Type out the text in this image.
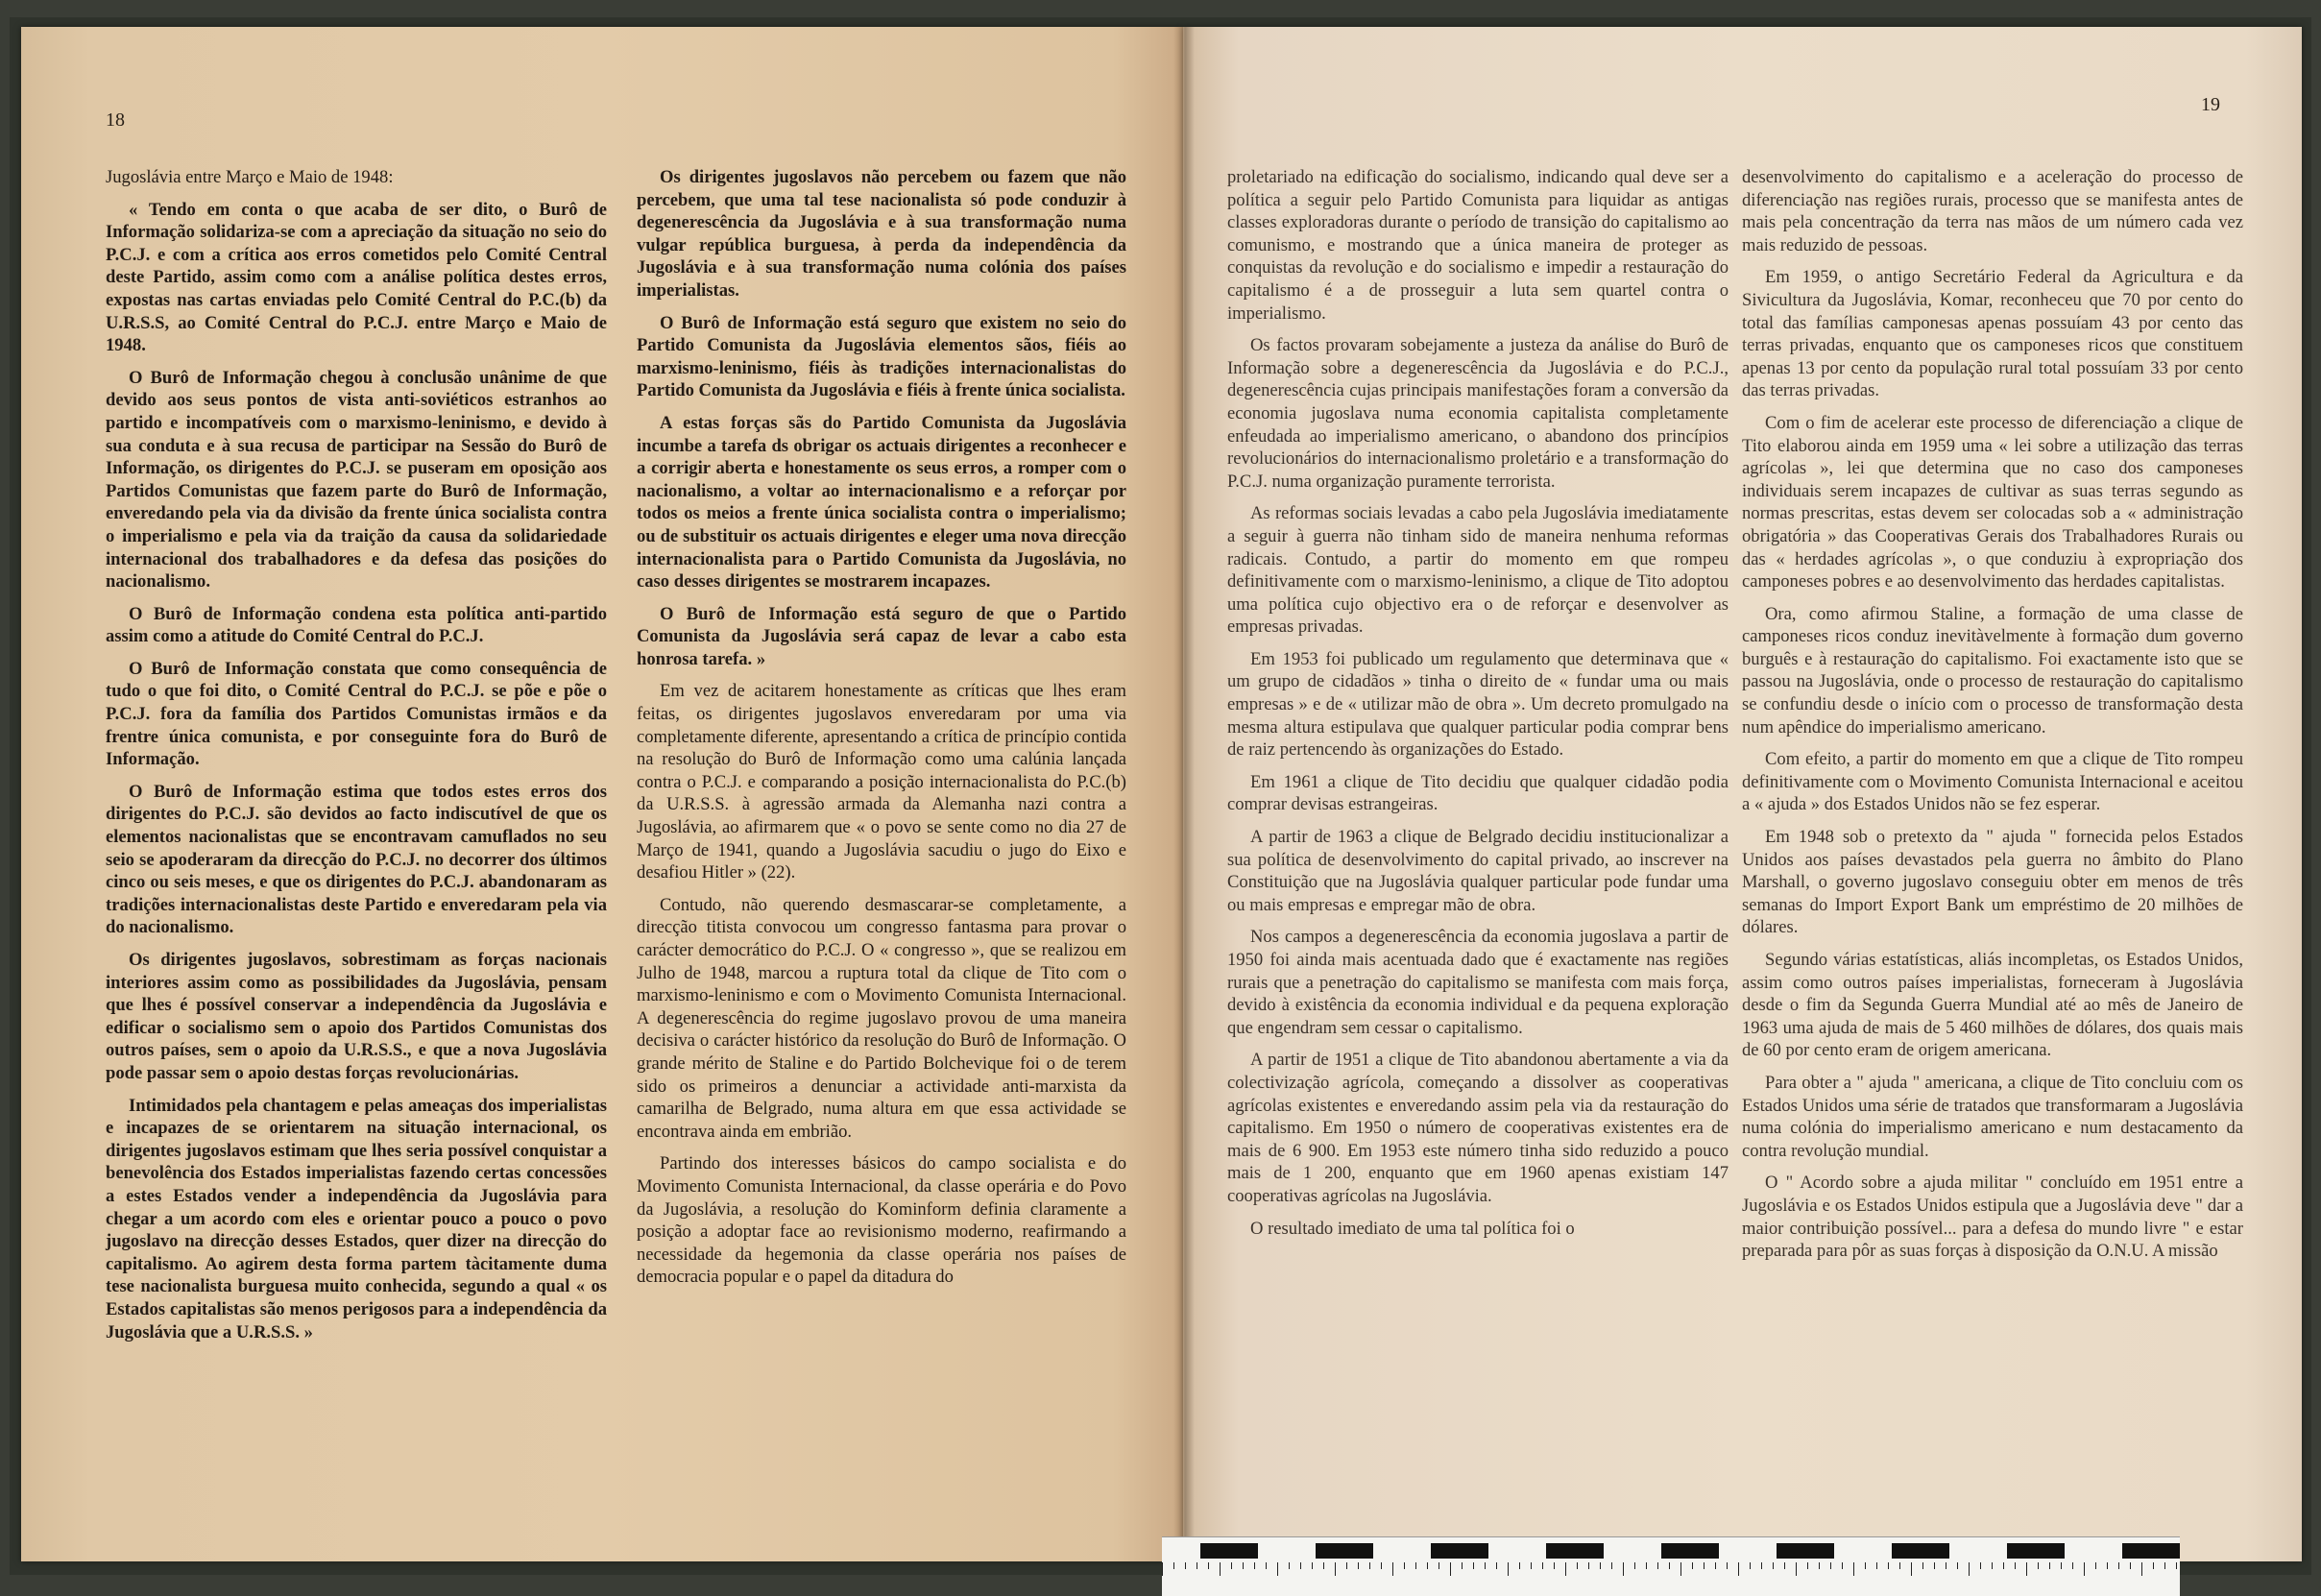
18

Jugoslávia entre Março e Maio de 1948:

« Tendo em conta o que acaba de ser dito, o Burô de Informação solidariza-se com a apreciação da situação no seio do P.C.J. e com a crítica aos erros cometidos pelo Comité Central deste Partido, assim como com a análise política destes erros, expostas nas cartas enviadas pelo Comité Central do P.C.(b) da U.R.S.S, ao Comité Central do P.C.J. entre Março e Maio de 1948.

O Burô de Informação chegou à conclusão unânime de que devido aos seus pontos de vista anti-soviéticos estranhos ao partido e incompatíveis com o marxismo-leninismo, e devido à sua conduta e à sua recusa de participar na Sessão do Burô de Informação, os dirigentes do P.C.J. se puseram em oposição aos Partidos Comunistas que fazem parte do Burô de Informação, enveredando pela via da divisão da frente única socialista contra o imperialismo e pela via da traição da causa da solidariedade internacional dos trabalhadores e da defesa das posições do nacionalismo.

O Burô de Informação condena esta política anti-partido assim como a atitude do Comité Central do P.C.J.

O Burô de Informação constata que como consequência de tudo o que foi dito, o Comité Central do P.C.J. se põe e põe o P.C.J. fora da família dos Partidos Comunistas irmãos e da frentre única comunista, e por conseguinte fora do Burô de Informação.

O Burô de Informação estima que todos estes erros dos dirigentes do P.C.J. são devidos ao facto indiscutível de que os elementos nacionalistas que se encontravam camuflados no seu seio se apoderaram da direcção do P.C.J. no decorrer dos últimos cinco ou seis meses, e que os dirigentes do P.C.J. abandonaram as tradições internacionalistas deste Partido e enveredaram pela via do nacionalismo.

Os dirigentes jugoslavos, sobrestimam as forças nacionais interiores assim como as possibilidades da Jugoslávia, pensam que lhes é possível conservar a independência da Jugoslávia e edificar o socialismo sem o apoio dos Partidos Comunistas dos outros países, sem o apoio da U.R.S.S., e que a nova Jugoslávia pode passar sem o apoio destas forças revolucionárias.

Intimidados pela chantagem e pelas ameaças dos imperialistas e incapazes de se orientarem na situação internacional, os dirigentes jugoslavos estimam que lhes seria possível conquistar a benevolência dos Estados imperialistas fazendo certas concessões a estes Estados vender a independência da Jugoslávia para chegar a um acordo com eles e orientar pouco a pouco o povo jugoslavo na direcção desses Estados, quer dizer na direcção do capitalismo. Ao agirem desta forma partem tàcitamente duma tese nacionalista burguesa muito conhecida, segundo a qual « os Estados capitalistas são menos perigosos para a independência da Jugoslávia que a U.R.S.S. »

Os dirigentes jugoslavos não percebem ou fazem que não percebem, que uma tal tese nacionalista só pode conduzir à degenerescência da Jugoslávia e à sua transformação numa vulgar república burguesa, à perda da independência da Jugoslávia e à sua transformação numa colónia dos países imperialistas.

O Burô de Informação está seguro que existem no seio do Partido Comunista da Jugoslávia elementos sãos, fiéis ao marxismo-leninismo, fiéis às tradições internacionalistas do Partido Comunista da Jugoslávia e fiéis à frente única socialista.

A estas forças sãs do Partido Comunista da Jugoslávia incumbe a tarefa ds obrigar os actuais dirigentes a reconhecer e a corrigir aberta e honestamente os seus erros, a romper com o nacionalismo, a voltar ao internacionalismo e a reforçar por todos os meios a frente única socialista contra o imperialismo; ou de substituir os actuais dirigentes e eleger uma nova direcção internacionalista para o Partido Comunista da Jugoslávia, no caso desses dirigentes se mostrarem incapazes.

O Burô de Informação está seguro de que o Partido Comunista da Jugoslávia será capaz de levar a cabo esta honrosa tarefa. »

Em vez de acitarem honestamente as críticas que lhes eram feitas, os dirigentes jugoslavos enveredaram por uma via completamente diferente, apresentando a crítica de princípio contida na resolução do Burô de Informação como uma calúnia lançada contra o P.C.J. e comparando a posição internacionalista do P.C.(b) da U.R.S.S. à agressão armada da Alemanha nazi contra a Jugoslávia, ao afirmarem que « o povo se sente como no dia 27 de Março de 1941, quando a Jugoslávia sacudiu o jugo do Eixo e desafiou Hitler » (22).

Contudo, não querendo desmascarar-se completamente, a direcção titista convocou um congresso fantasma para provar o carácter democrático do P.C.J. O « congresso », que se realizou em Julho de 1948, marcou a ruptura total da clique de Tito com o marxismo-leninismo e com o Movimento Comunista Internacional. A degenerescência do regime jugoslavo provou de uma maneira decisiva o carácter histórico da resolução do Burô de Informação. O grande mérito de Staline e do Partido Bolchevique foi o de terem sido os primeiros a denunciar a actividade anti-marxista da camarilha de Belgrado, numa altura em que essa actividade se encontrava ainda em embrião.

Partindo dos interesses básicos do campo socialista e do Movimento Comunista Internacional, da classe operária e do Povo da Jugoslávia, a resolução do Kominform definia claramente a posição a adoptar face ao revisionismo moderno, reafirmando a necessidade da hegemonia da classe operária nos países de democracia popular e o papel da ditadura do

19

proletariado na edificação do socialismo, indicando qual deve ser a política a seguir pelo Partido Comunista para liquidar as antigas classes exploradoras durante o período de transição do capitalismo ao comunismo, e mostrando que a única maneira de proteger as conquistas da revolução e do socialismo e impedir a restauração do capitalismo é a de prosseguir a luta sem quartel contra o imperialismo.

Os factos provaram sobejamente a justeza da análise do Burô de Informação sobre a degenerescência da Jugoslávia e do P.C.J., degenerescência cujas principais manifestações foram a conversão da economia jugoslava numa economia capitalista completamente enfeudada ao imperialismo americano, o abandono dos princípios revolucionários do internacionalismo proletário e a transformação do P.C.J. numa organização puramente terrorista.

As reformas sociais levadas a cabo pela Jugoslávia imediatamente a seguir à guerra não tinham sido de maneira nenhuma reformas radicais. Contudo, a partir do momento em que rompeu definitivamente com o marxismo-leninismo, a clique de Tito adoptou uma política cujo objectivo era o de reforçar e desenvolver as empresas privadas.

Em 1953 foi publicado um regulamento que determinava que « um grupo de cidadãos » tinha o direito de « fundar uma ou mais empresas » e de « utilizar mão de obra ». Um decreto promulgado na mesma altura estipulava que qualquer particular podia comprar bens de raiz pertencendo às organizações do Estado.

Em 1961 a clique de Tito decidiu que qualquer cidadão podia comprar devisas estrangeiras.

A partir de 1963 a clique de Belgrado decidiu institucionalizar a sua política de desenvolvimento do capital privado, ao inscrever na Constituição que na Jugoslávia qualquer particular pode fundar uma ou mais empresas e empregar mão de obra.

Nos campos a degenerescência da economia jugoslava a partir de 1950 foi ainda mais acentuada dado que é exactamente nas regiões rurais que a penetração do capitalismo se manifesta com mais força, devido à existência da economia individual e da pequena exploração que engendram sem cessar o capitalismo.

A partir de 1951 a clique de Tito abandonou abertamente a via da colectivização agrícola, começando a dissolver as cooperativas agrícolas existentes e enveredando assim pela via da restauração do capitalismo. Em 1950 o número de cooperativas existentes era de mais de 6 900. Em 1953 este número tinha sido reduzido a pouco mais de 1 200, enquanto que em 1960 apenas existiam 147 cooperativas agrícolas na Jugoslávia.

O resultado imediato de uma tal política foi o

desenvolvimento do capitalismo e a aceleração do processo de diferenciação nas regiões rurais, processo que se manifesta antes de mais pela concentração da terra nas mãos de um número cada vez mais reduzido de pessoas.

Em 1959, o antigo Secretário Federal da Agricultura e da Sivicultura da Jugoslávia, Komar, reconheceu que 70 por cento do total das famílias camponesas apenas possuíam 43 por cento das terras privadas, enquanto que os camponeses ricos que constituem apenas 13 por cento da população rural total possuíam 33 por cento das terras privadas.

Com o fim de acelerar este processo de diferenciação a clique de Tito elaborou ainda em 1959 uma « lei sobre a utilização das terras agrícolas », lei que determina que no caso dos camponeses individuais serem incapazes de cultivar as suas terras segundo as normas prescritas, estas devem ser colocadas sob a « administração obrigatória » das Cooperativas Gerais dos Trabalhadores Rurais ou das « herdades agrícolas », o que conduziu à expropriação dos camponeses pobres e ao desenvolvimento das herdades capitalistas.

Ora, como afirmou Staline, a formação de uma classe de camponeses ricos conduz inevitàvelmente à formação dum governo burguês e à restauração do capitalismo. Foi exactamente isto que se passou na Jugoslávia, onde o processo de restauração do capitalismo se confundiu desde o início com o processo de transformação desta num apêndice do imperialismo americano.

Com efeito, a partir do momento em que a clique de Tito rompeu definitivamente com o Movimento Comunista Internacional e aceitou a « ajuda » dos Estados Unidos não se fez esperar.

Em 1948 sob o pretexto da " ajuda " fornecida pelos Estados Unidos aos países devastados pela guerra no âmbito do Plano Marshall, o governo jugoslavo conseguiu obter em menos de três semanas do Import Export Bank um empréstimo de 20 milhões de dólares.

Segundo várias estatísticas, aliás incompletas, os Estados Unidos, assim como outros países imperialistas, forneceram à Jugoslávia desde o fim da Segunda Guerra Mundial até ao mês de Janeiro de 1963 uma ajuda de mais de 5 460 milhões de dólares, dos quais mais de 60 por cento eram de origem americana.

Para obter a " ajuda " americana, a clique de Tito concluiu com os Estados Unidos uma série de tratados que transformaram a Jugoslávia numa colónia do imperialismo americano e num destacamento da contra revolução mundial.

O " Acordo sobre a ajuda militar " concluído em 1951 entre a Jugoslávia e os Estados Unidos estipula que a Jugoslávia deve " dar a maior contribuição possível... para a defesa do mundo livre " e estar preparada para pôr as suas forças à disposição da O.N.U. A missão
